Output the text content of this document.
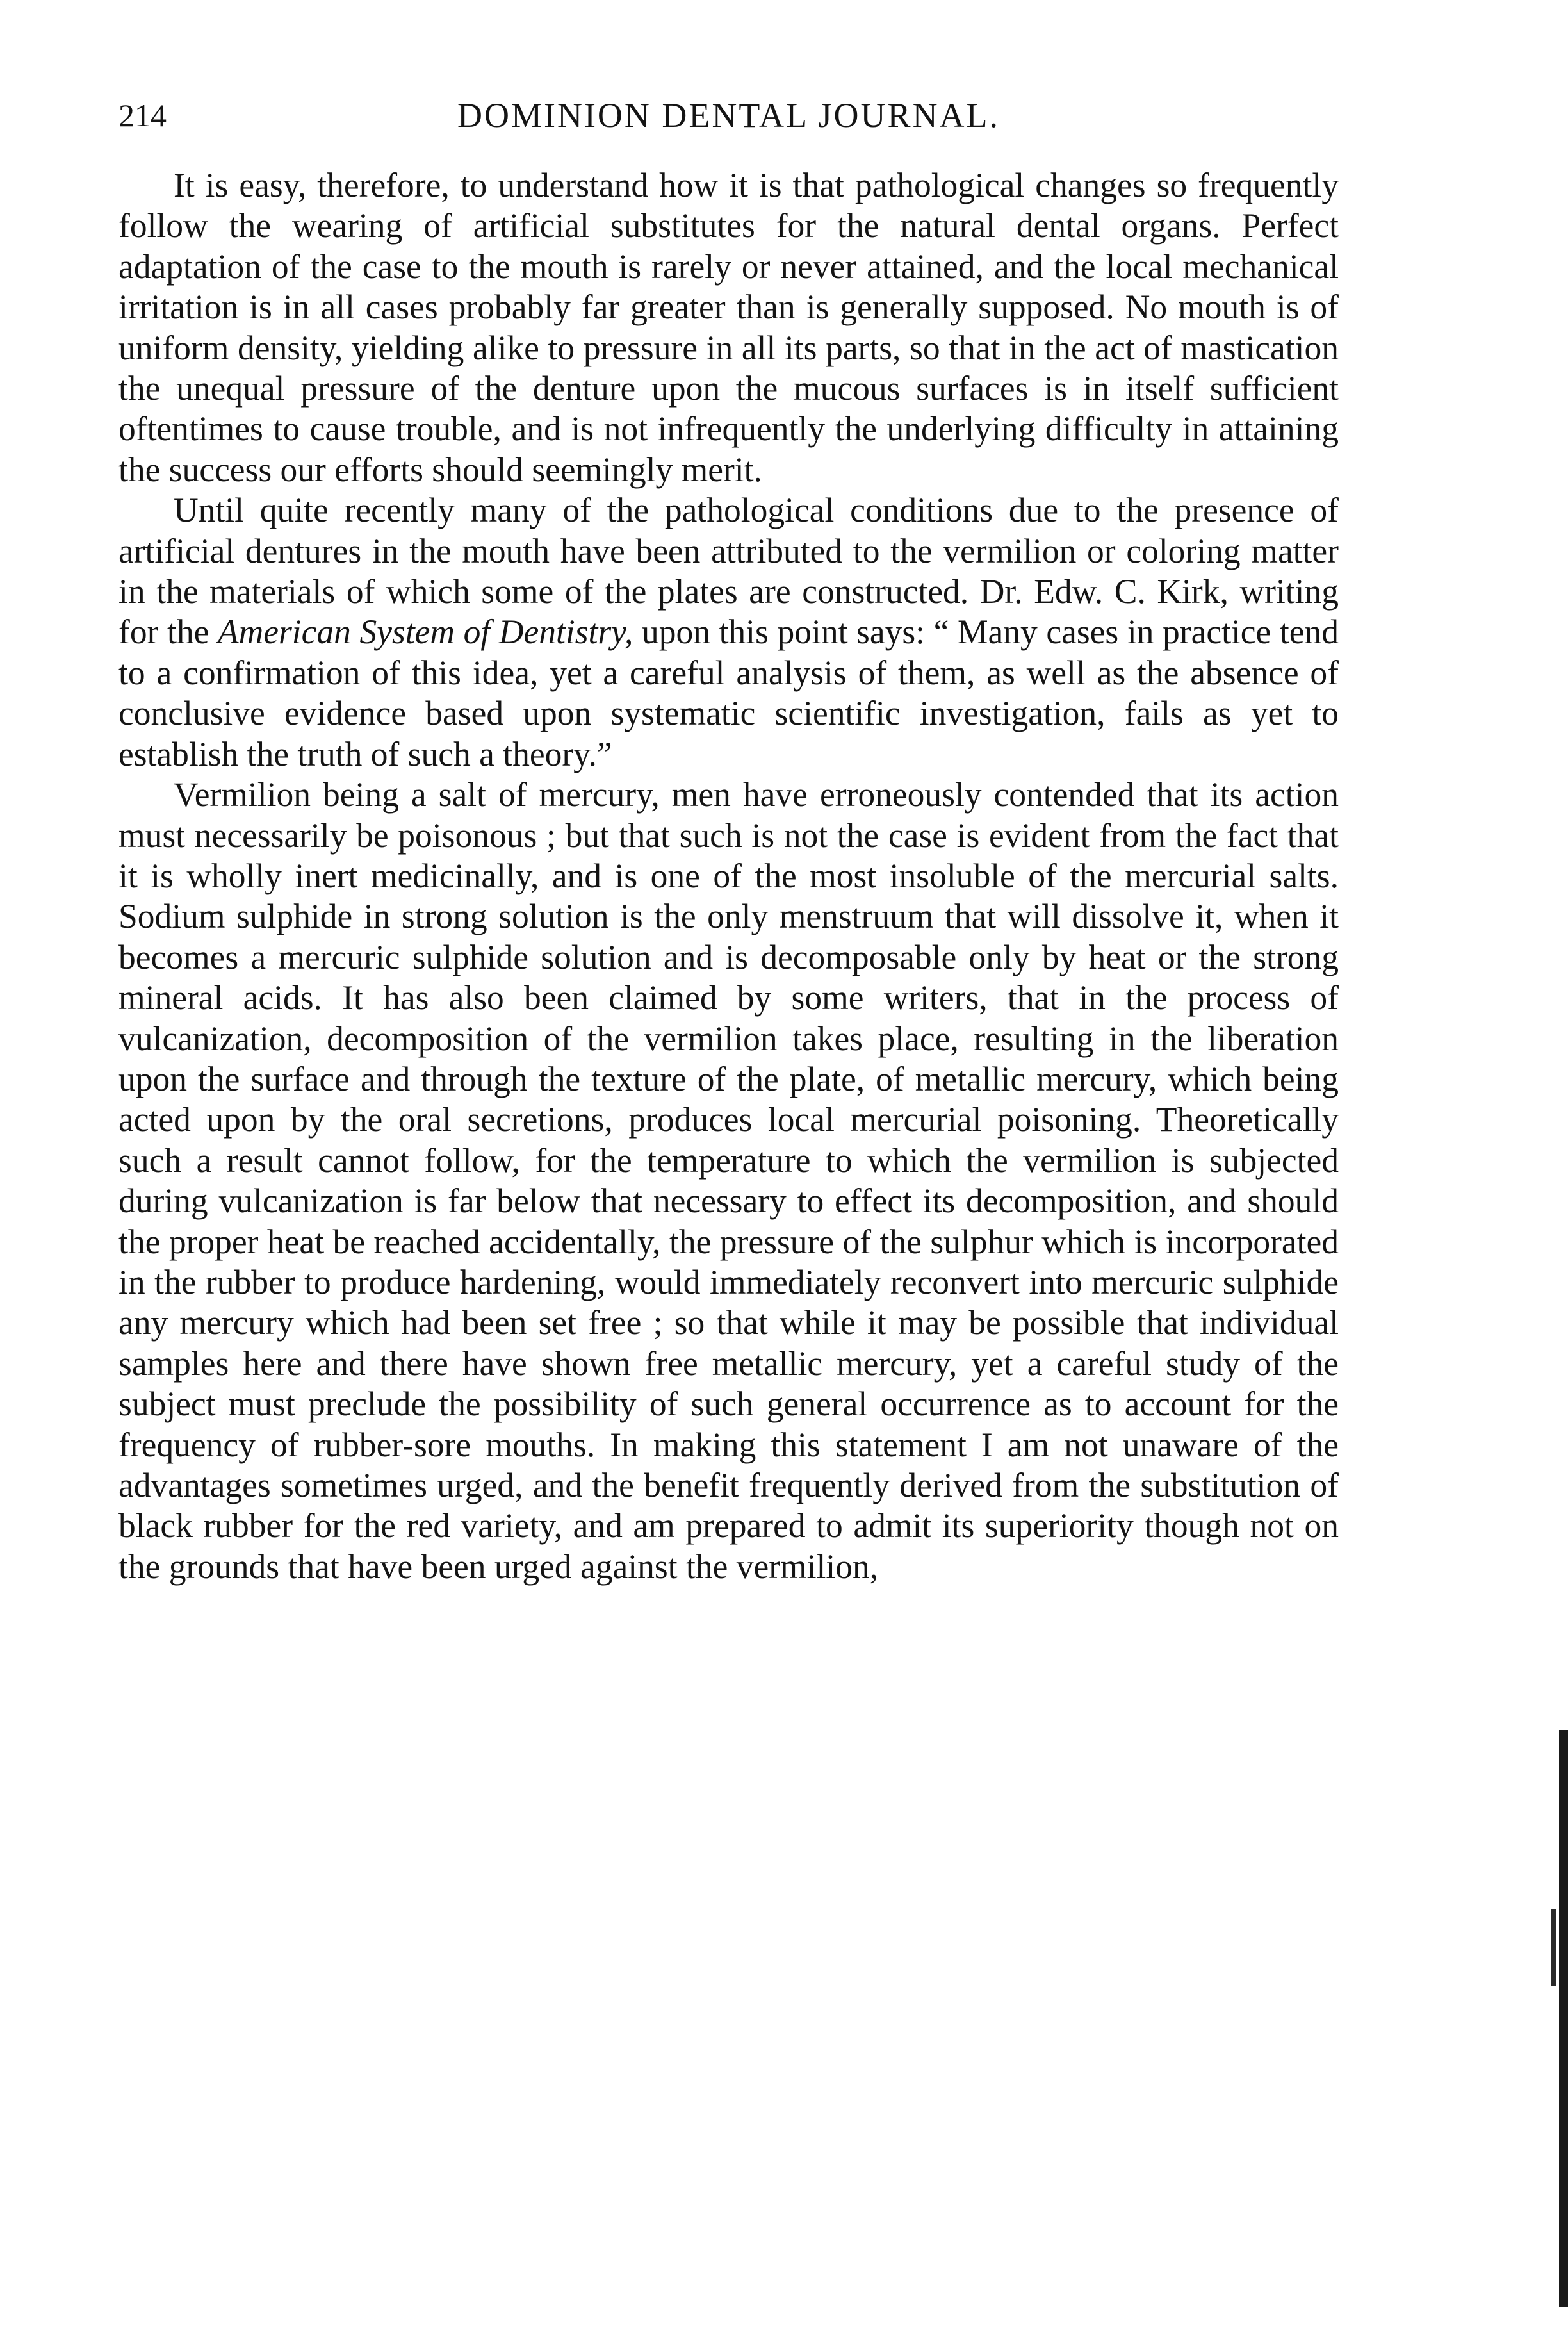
214	DOMINION DENTAL JOURNAL.

It is easy, therefore, to understand how it is that pathological changes so frequently follow the wearing of artificial substitutes for the natural dental organs. Perfect adaptation of the case to the mouth is rarely or never attained, and the local mechanical irritation is in all cases probably far greater than is generally supposed. No mouth is of uniform density, yielding alike to pressure in all its parts, so that in the act of mastication the unequal pressure of the denture upon the mucous surfaces is in itself sufficient oftentimes to cause trouble, and is not infrequently the underlying difficulty in attaining the success our efforts should seemingly merit.

Until quite recently many of the pathological conditions due to the presence of artificial dentures in the mouth have been attributed to the vermilion or coloring matter in the materials of which some of the plates are constructed. Dr. Edw. C. Kirk, writing for the American System of Dentistry, upon this point says: “ Many cases in practice tend to a confirmation of this idea, yet a careful analysis of them, as well as the absence of conclusive evidence based upon systematic scientific investigation, fails as yet to establish the truth of such a theory.”

Vermilion being a salt of mercury, men have erroneously contended that its action must necessarily be poisonous ; but that such is not the case is evident from the fact that it is wholly inert medicinally, and is one of the most insoluble of the mercurial salts. Sodium sulphide in strong solution is the only menstruum that will dissolve it, when it becomes a mercuric sulphide solution and is decomposable only by heat or the strong mineral acids. It has also been claimed by some writers, that in the process of vulcanization, decomposition of the vermilion takes place, resulting in the liberation upon the surface and through the texture of the plate, of metallic mercury, which being acted upon by the oral secretions, produces local mercurial poisoning. Theoretically such a result cannot follow, for the temperature to which the vermilion is subjected during vulcanization is far below that necessary to effect its decomposition, and should the proper heat be reached accidentally, the pressure of the sulphur which is incorporated in the rubber to produce hardening, would immediately reconvert into mercuric sulphide any mercury which had been set free ; so that while it may be possible that individual samples here and there have shown free metallic mercury, yet a careful study of the subject must preclude the possibility of such general occurrence as to account for the frequency of rubber-sore mouths. In making this statement I am not unaware of the advantages sometimes urged, and the benefit frequently derived from the substitution of black rubber for the red variety, and am prepared to admit its superiority though not on the grounds that have been urged against the vermilion,
